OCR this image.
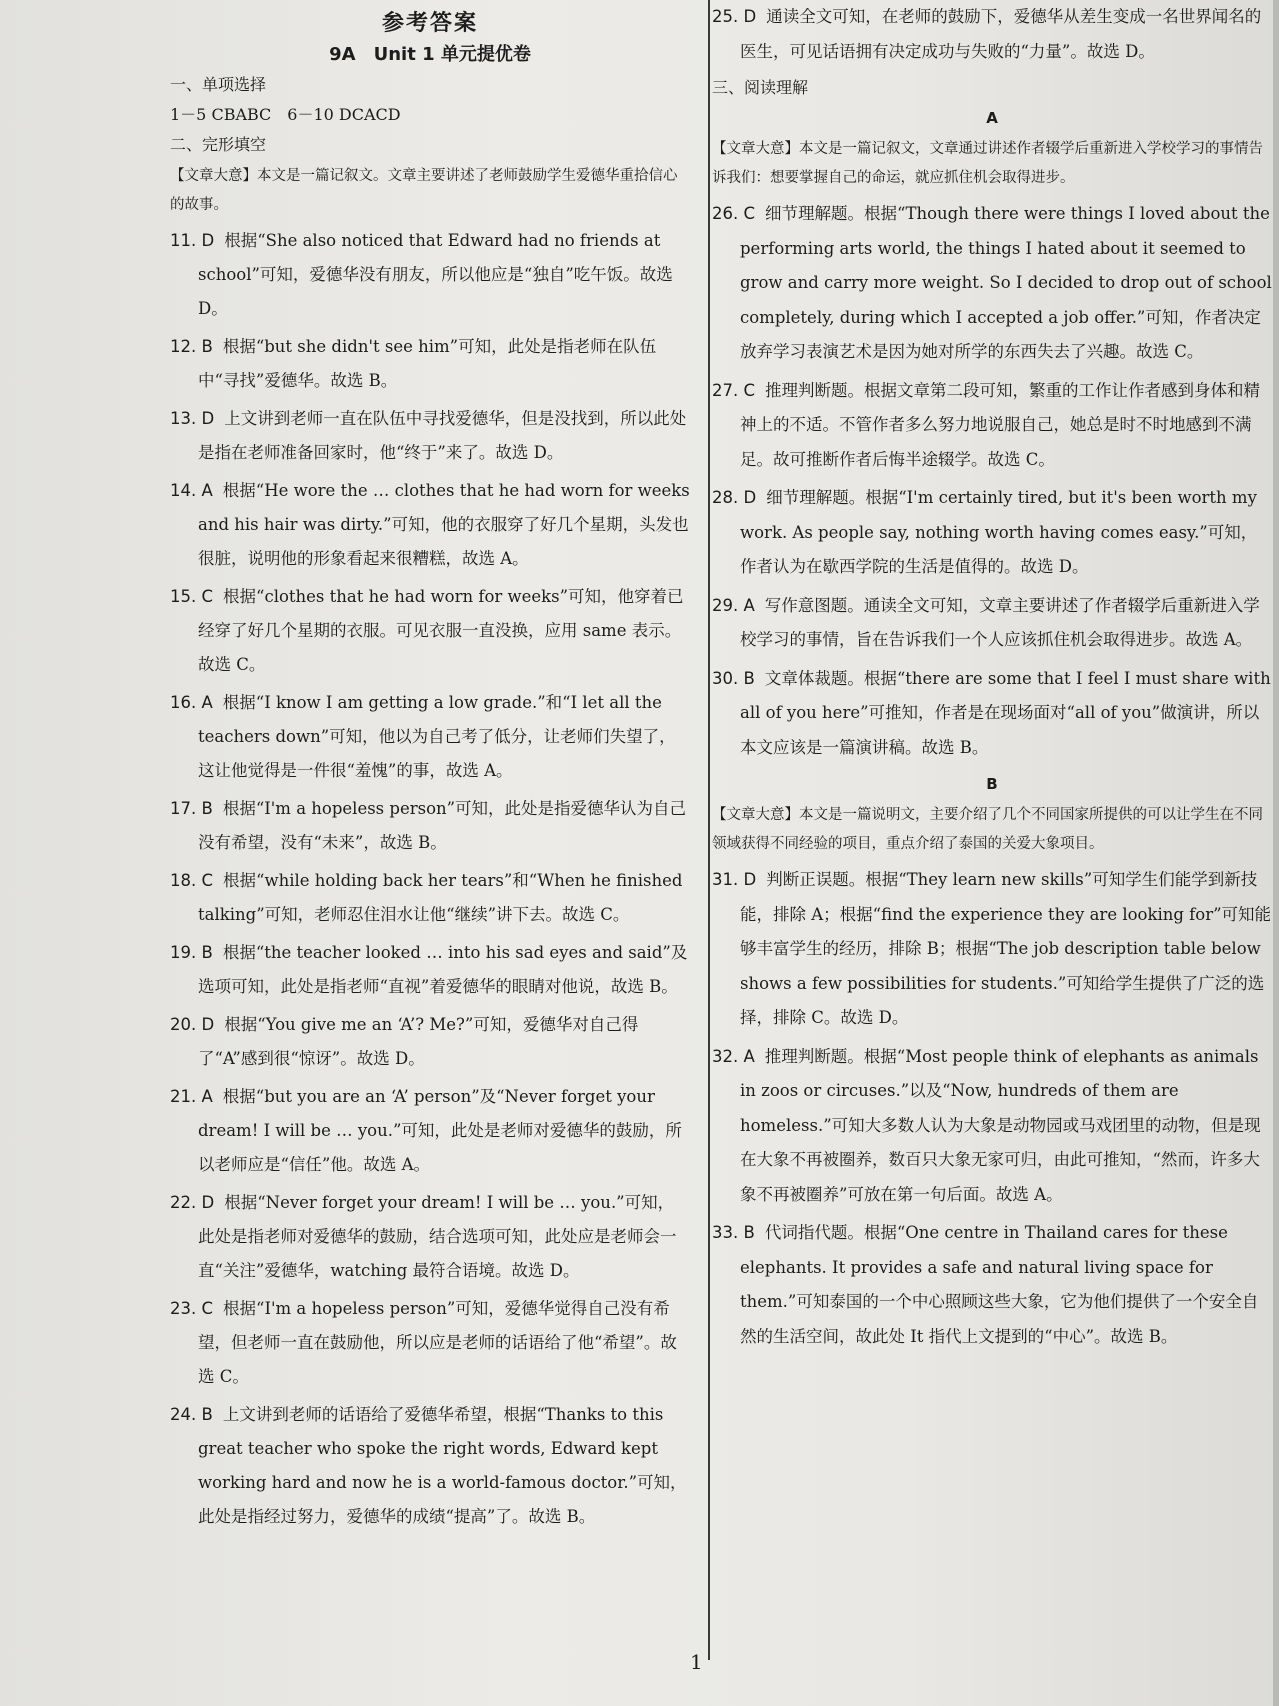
参考答案

9A　Unit 1 单元提优卷

一、单项选择

1－5 CBABC　6－10 DCACD

二、完形填空

【文章大意】本文是一篇记叙文。文章主要讲述了老师鼓励学生爱德华重拾信心的故事。

11. D 根据“She also noticed that Edward had no friends at school”可知，爱德华没有朋友，所以他应是“独自”吃午饭。故选 D。

12. B 根据“but she didn't see him”可知，此处是指老师在队伍中“寻找”爱德华。故选 B。

13. D 上文讲到老师一直在队伍中寻找爱德华，但是没找到，所以此处是指在老师准备回家时，他“终于”来了。故选 D。

14. A 根据“He wore the … clothes that he had worn for weeks and his hair was dirty.”可知，他的衣服穿了好几个星期，头发也很脏，说明他的形象看起来很糟糕，故选 A。

15. C 根据“clothes that he had worn for weeks”可知，他穿着已经穿了好几个星期的衣服。可见衣服一直没换，应用 same 表示。故选 C。

16. A 根据“I know I am getting a low grade.”和“I let all the teachers down”可知，他以为自己考了低分，让老师们失望了，这让他觉得是一件很“羞愧”的事，故选 A。

17. B 根据“I'm a hopeless person”可知，此处是指爱德华认为自己没有希望，没有“未来”，故选 B。

18. C 根据“while holding back her tears”和“When he finished talking”可知，老师忍住泪水让他“继续”讲下去。故选 C。

19. B 根据“the teacher looked … into his sad eyes and said”及选项可知，此处是指老师“直视”着爱德华的眼睛对他说，故选 B。

20. D 根据“You give me an ‘A’? Me?”可知，爱德华对自己得了“A”感到很“惊讶”。故选 D。

21. A 根据“but you are an ‘A’ person”及“Never forget your dream! I will be … you.”可知，此处是老师对爱德华的鼓励，所以老师应是“信任”他。故选 A。

22. D 根据“Never forget your dream! I will be … you.”可知，此处是指老师对爱德华的鼓励，结合选项可知，此处应是老师会一直“关注”爱德华，watching 最符合语境。故选 D。

23. C 根据“I'm a hopeless person”可知，爱德华觉得自己没有希望，但老师一直在鼓励他，所以应是老师的话语给了他“希望”。故选 C。

24. B 上文讲到老师的话语给了爱德华希望，根据“Thanks to this great teacher who spoke the right words, Edward kept working hard and now he is a world-famous doctor.”可知，此处是指经过努力，爱德华的成绩“提高”了。故选 B。

25. D 通读全文可知，在老师的鼓励下，爱德华从差生变成一名世界闻名的医生，可见话语拥有决定成功与失败的“力量”。故选 D。

三、阅读理解

A

【文章大意】本文是一篇记叙文，文章通过讲述作者辍学后重新进入学校学习的事情告诉我们：想要掌握自己的命运，就应抓住机会取得进步。

26. C 细节理解题。根据“Though there were things I loved about the performing arts world, the things I hated about it seemed to grow and carry more weight. So I decided to drop out of school completely, during which I accepted a job offer.”可知，作者决定放弃学习表演艺术是因为她对所学的东西失去了兴趣。故选 C。

27. C 推理判断题。根据文章第二段可知，繁重的工作让作者感到身体和精神上的不适。不管作者多么努力地说服自己，她总是时不时地感到不满足。故可推断作者后悔半途辍学。故选 C。

28. D 细节理解题。根据“I'm certainly tired, but it's been worth my work. As people say, nothing worth having comes easy.”可知，作者认为在歇西学院的生活是值得的。故选 D。

29. A 写作意图题。通读全文可知，文章主要讲述了作者辍学后重新进入学校学习的事情，旨在告诉我们一个人应该抓住机会取得进步。故选 A。

30. B 文章体裁题。根据“there are some that I feel I must share with all of you here”可推知，作者是在现场面对“all of you”做演讲，所以本文应该是一篇演讲稿。故选 B。

B

【文章大意】本文是一篇说明文，主要介绍了几个不同国家所提供的可以让学生在不同领域获得不同经验的项目，重点介绍了泰国的关爱大象项目。

31. D 判断正误题。根据“They learn new skills”可知学生们能学到新技能，排除 A；根据“find the experience they are looking for”可知能够丰富学生的经历，排除 B；根据“The job description table below shows a few possibilities for students.”可知给学生提供了广泛的选择，排除 C。故选 D。

32. A 推理判断题。根据“Most people think of elephants as animals in zoos or circuses.”以及“Now, hundreds of them are homeless.”可知大多数人认为大象是动物园或马戏团里的动物，但是现在大象不再被圈养，数百只大象无家可归，由此可推知，“然而，许多大象不再被圈养”可放在第一句后面。故选 A。

33. B 代词指代题。根据“One centre in Thailand cares for these elephants. It provides a safe and natural living space for them.”可知泰国的一个中心照顾这些大象，它为他们提供了一个安全自然的生活空间，故此处 It 指代上文提到的“中心”。故选 B。

1
